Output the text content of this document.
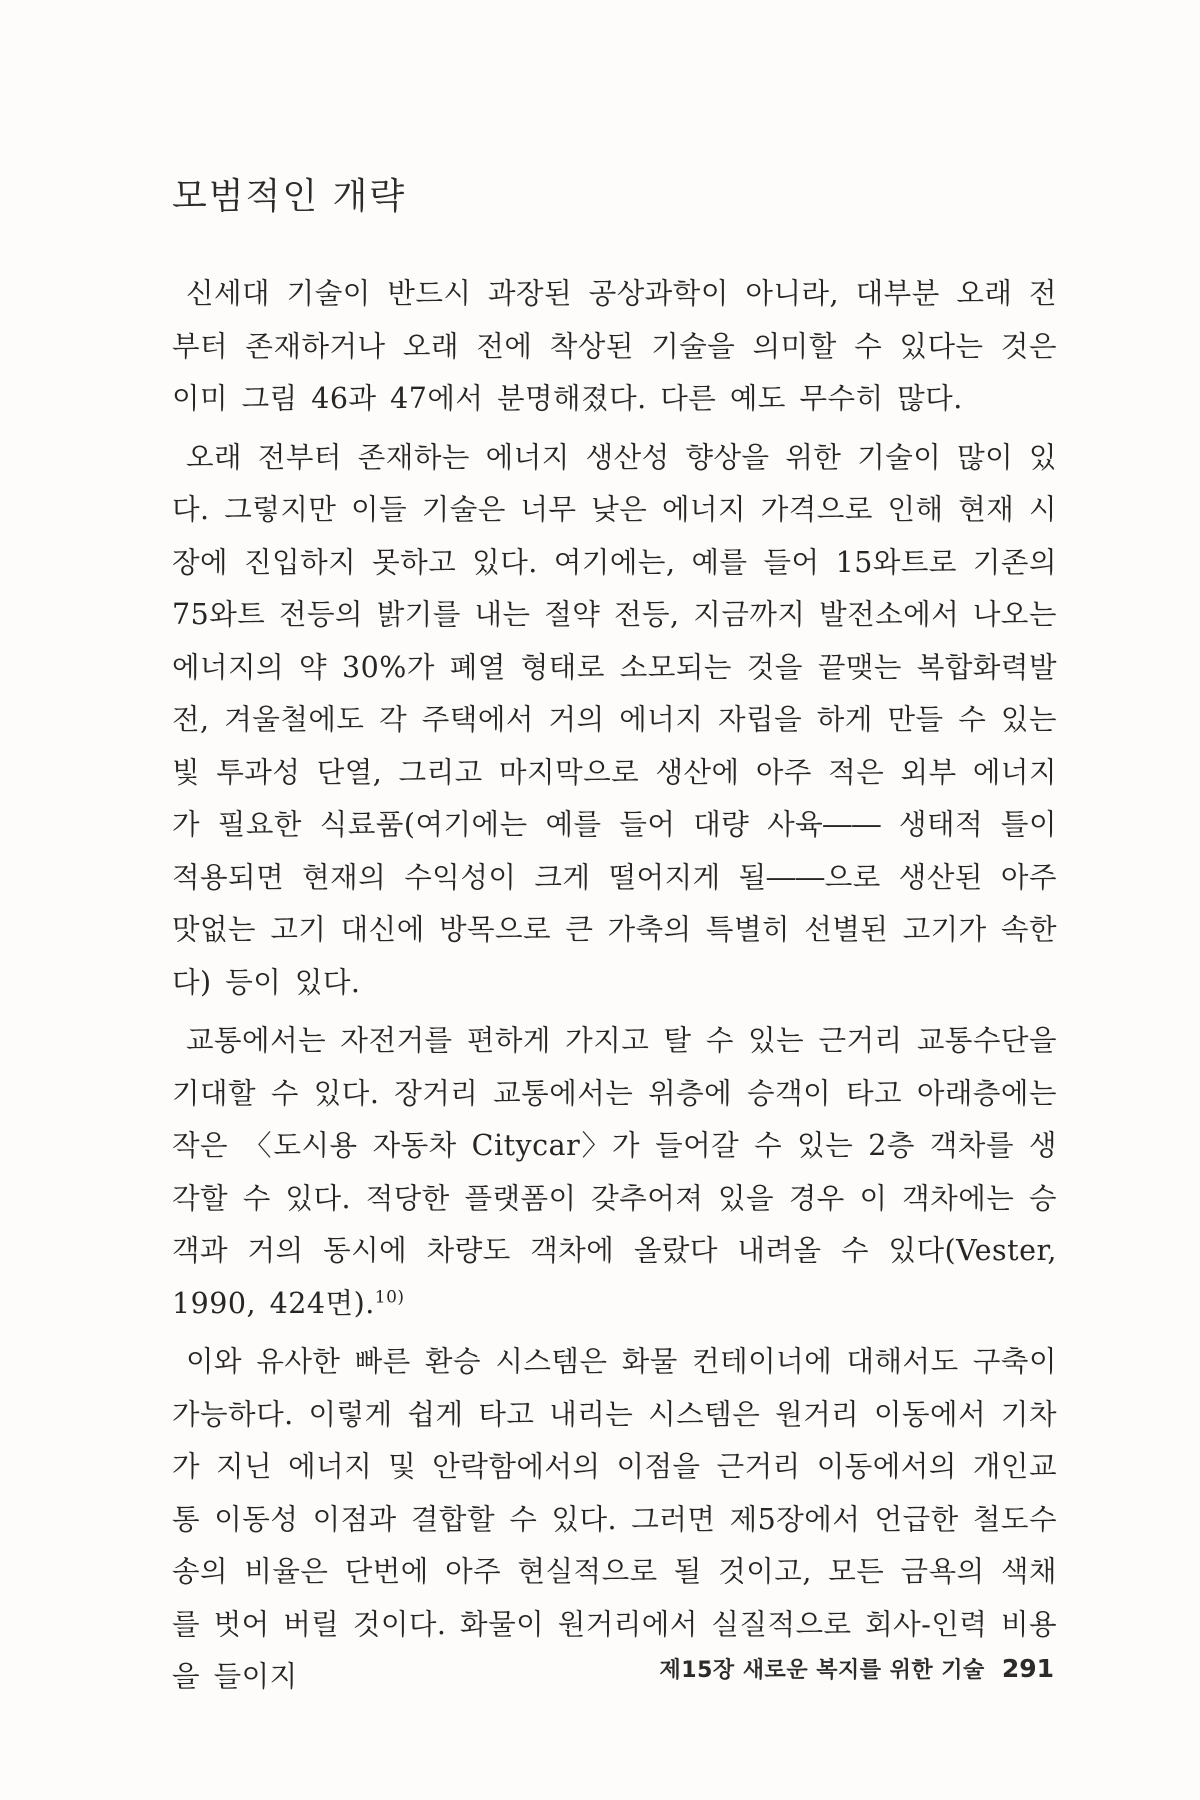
모범적인 개략

신세대 기술이 반드시 과장된 공상과학이 아니라, 대부분 오래 전부터 존재하거나 오래 전에 착상된 기술을 의미할 수 있다는 것은 이미 그림 46과 47에서 분명해졌다. 다른 예도 무수히 많다.

오래 전부터 존재하는 에너지 생산성 향상을 위한 기술이 많이 있다. 그렇지만 이들 기술은 너무 낮은 에너지 가격으로 인해 현재 시장에 진입하지 못하고 있다. 여기에는, 예를 들어 15와트로 기존의 75와트 전등의 밝기를 내는 절약 전등, 지금까지 발전소에서 나오는 에너지의 약 30%가 폐열 형태로 소모되는 것을 끝맺는 복합화력발전, 겨울철에도 각 주택에서 거의 에너지 자립을 하게 만들 수 있는 빛 투과성 단열, 그리고 마지막으로 생산에 아주 적은 외부 에너지가 필요한 식료품(여기에는 예를 들어 대량 사육―― 생태적 틀이 적용되면 현재의 수익성이 크게 떨어지게 될――으로 생산된 아주 맛없는 고기 대신에 방목으로 큰 가축의 특별히 선별된 고기가 속한다) 등이 있다.

교통에서는 자전거를 편하게 가지고 탈 수 있는 근거리 교통수단을 기대할 수 있다. 장거리 교통에서는 위층에 승객이 타고 아래층에는 작은 〈도시용 자동차 Citycar〉가 들어갈 수 있는 2층 객차를 생각할 수 있다. 적당한 플랫폼이 갖추어져 있을 경우 이 객차에는 승객과 거의 동시에 차량도 객차에 올랐다 내려올 수 있다(Vester, 1990, 424면).$^{10)}$

이와 유사한 빠른 환승 시스템은 화물 컨테이너에 대해서도 구축이 가능하다. 이렇게 쉽게 타고 내리는 시스템은 원거리 이동에서 기차가 지닌 에너지 및 안락함에서의 이점을 근거리 이동에서의 개인교통 이동성 이점과 결합할 수 있다. 그러면 제5장에서 언급한 철도수송의 비율은 단번에 아주 현실적으로 될 것이고, 모든 금욕의 색채를 벗어 버릴 것이다. 화물이 원거리에서 실질적으로 회사-인력 비용을 들이지	제15장 새로운 복지를 위한 기술 291
